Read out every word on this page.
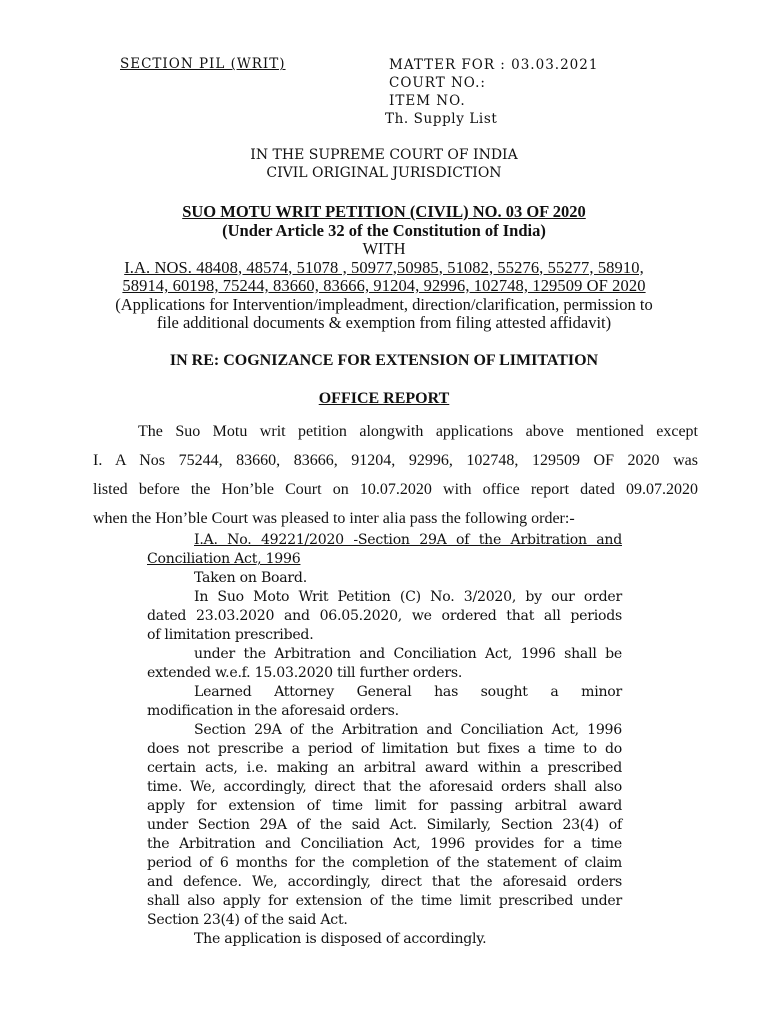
SECTION PIL (WRIT)	MATTER FOR : 03.03.2021
COURT NO.:
ITEM NO.
Th. Supply List
IN THE SUPREME COURT OF INDIA
CIVIL ORIGINAL JURISDICTION
SUO MOTU WRIT PETITION (CIVIL) NO. 03 OF 2020
(Under Article 32 of the Constitution of India)
WITH
I.A. NOS. 48408, 48574, 51078 , 50977,50985, 51082, 55276, 55277, 58910,
58914, 60198, 75244, 83660, 83666, 91204, 92996, 102748, 129509 OF 2020
(Applications for Intervention/impleadment, direction/clarification, permission to
file additional documents & exemption from filing attested affidavit)
IN RE: COGNIZANCE FOR EXTENSION OF LIMITATION
OFFICE REPORT
The Suo Motu writ petition alongwith applications above mentioned except
I. A Nos 75244, 83660, 83666, 91204, 92996, 102748, 129509 OF 2020 was
listed before the Hon’ble Court on 10.07.2020 with office report dated 09.07.2020
when the Hon’ble Court was pleased to inter alia pass the following order:-
I.A. No. 49221/2020 -Section 29A of the Arbitration and
Conciliation Act, 1996
Taken on Board.
In Suo Moto Writ Petition (C) No. 3/2020, by our order
dated 23.03.2020 and 06.05.2020, we ordered that all periods
of limitation prescribed.
under the Arbitration and Conciliation Act, 1996 shall be
extended w.e.f. 15.03.2020 till further orders.
Learned Attorney General has sought a minor
modification in the aforesaid orders.
Section 29A of the Arbitration and Conciliation Act, 1996
does not prescribe a period of limitation but fixes a time to do
certain acts, i.e. making an arbitral award within a prescribed
time. We, accordingly, direct that the aforesaid orders shall also
apply for extension of time limit for passing arbitral award
under Section 29A of the said Act. Similarly, Section 23(4) of
the Arbitration and Conciliation Act, 1996 provides for a time
period of 6 months for the completion of the statement of claim
and defence. We, accordingly, direct that the aforesaid orders
shall also apply for extension of the time limit prescribed under
Section 23(4) of the said Act.
The application is disposed of accordingly.
